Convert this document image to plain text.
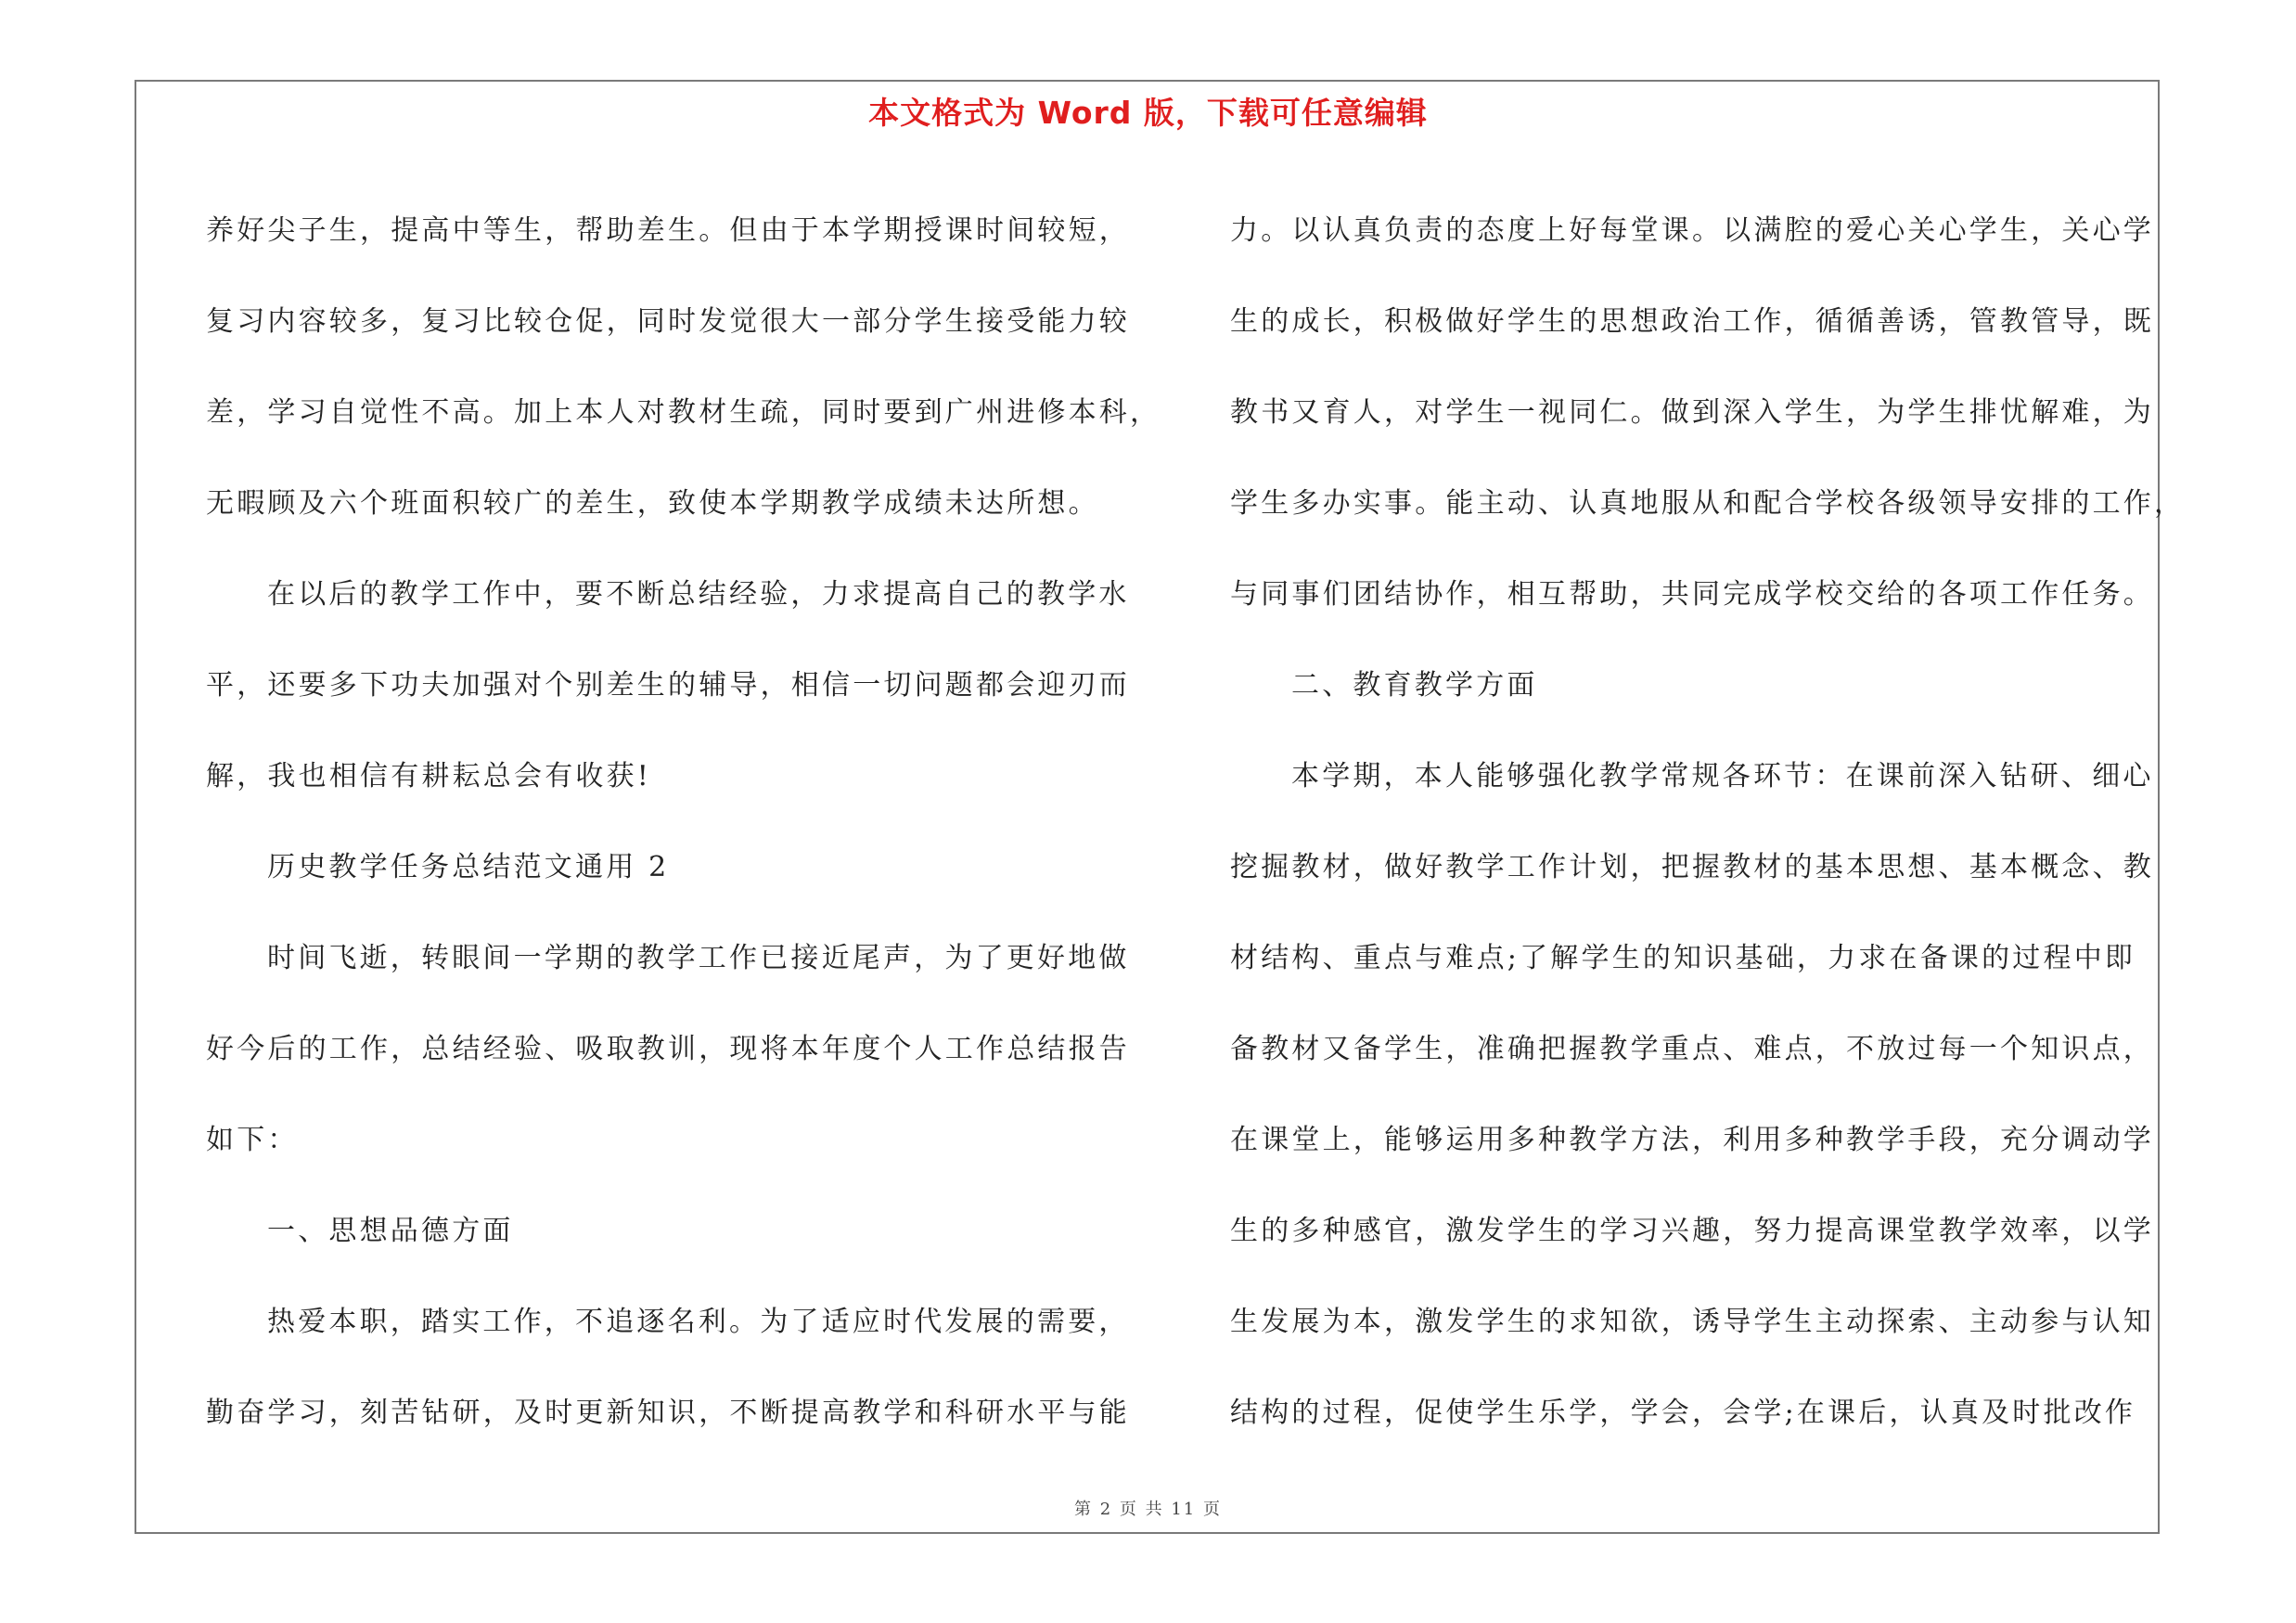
本文格式为 Word 版，下载可任意编辑

养好尖子生，提高中等生，帮助差生。但由于本学期授课时间较短，

复习内容较多，复习比较仓促，同时发觉很大一部分学生接受能力较

差，学习自觉性不高。加上本人对教材生疏，同时要到广州进修本科，

无暇顾及六个班面积较广的差生，致使本学期教学成绩未达所想。

在以后的教学工作中，要不断总结经验，力求提高自己的教学水

平，还要多下功夫加强对个别差生的辅导，相信一切问题都会迎刃而

解，我也相信有耕耘总会有收获!

历史教学任务总结范文通用 2

时间飞逝，转眼间一学期的教学工作已接近尾声，为了更好地做

好今后的工作，总结经验、吸取教训，现将本年度个人工作总结报告

如下：

一、思想品德方面

热爱本职，踏实工作，不追逐名利。为了适应时代发展的需要，

勤奋学习，刻苦钻研，及时更新知识，不断提高教学和科研水平与能

力。以认真负责的态度上好每堂课。以满腔的爱心关心学生，关心学

生的成长，积极做好学生的思想政治工作，循循善诱，管教管导，既

教书又育人，对学生一视同仁。做到深入学生，为学生排忧解难，为

学生多办实事。能主动、认真地服从和配合学校各级领导安排的工作，

与同事们团结协作，相互帮助，共同完成学校交给的各项工作任务。

二、教育教学方面

本学期，本人能够强化教学常规各环节：在课前深入钻研、细心

挖掘教材，做好教学工作计划，把握教材的基本思想、基本概念、教

材结构、重点与难点;了解学生的知识基础，力求在备课的过程中即

备教材又备学生，准确把握教学重点、难点，不放过每一个知识点，

在课堂上，能够运用多种教学方法，利用多种教学手段，充分调动学

生的多种感官，激发学生的学习兴趣，努力提高课堂教学效率，以学

生发展为本，激发学生的求知欲，诱导学生主动探索、主动参与认知

结构的过程，促使学生乐学，学会，会学;在课后，认真及时批改作

第 2 页 共 11 页
